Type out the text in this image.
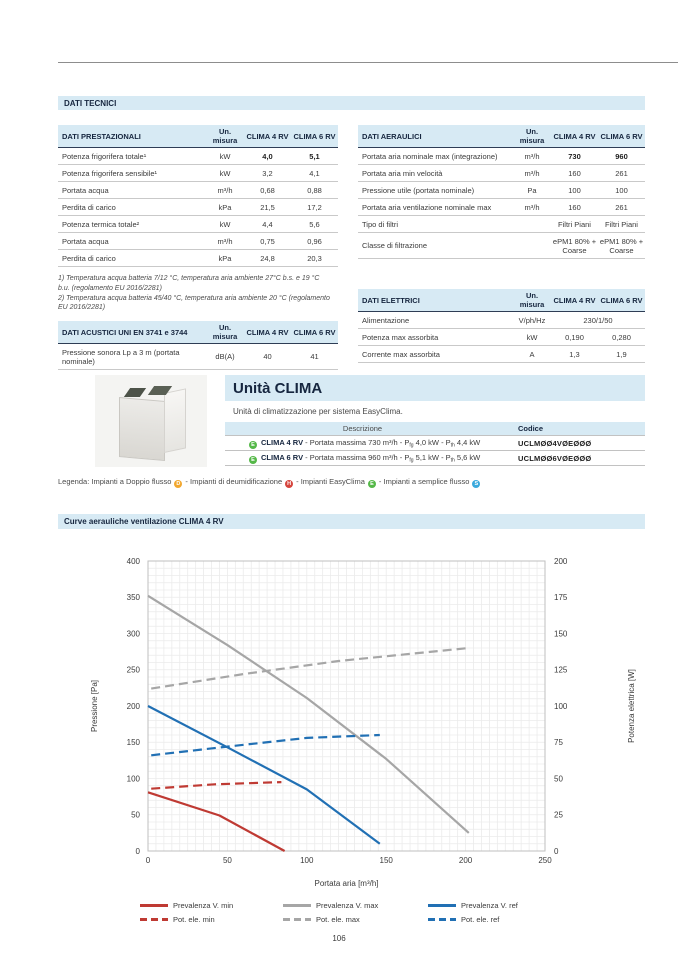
DATI TECNICI
DATI PRESTAZIONALI	Un.
misura	CLIMA 4 RV	CLIMA 6 RV
Potenza frigorifera totale¹	kW	4,0	5,1
Potenza frigorifera sensibile¹	kW	3,2	4,1
Portata acqua	m³/h	0,68	0,88
Perdita di carico	kPa	21,5	17,2
Potenza termica totale²	kW	4,4	5,6
Portata acqua	m³/h	0,75	0,96
Perdita di carico	kPa	24,8	20,3
1) Temperatura acqua batteria 7/12 °C, temperatura aria ambiente 27°C b.s. e 19 °C b.u. (regolamento EU 2016/2281)
2) Temperatura acqua batteria 45/40 °C, temperatura aria ambiente 20 °C (regolamento EU 2016/2281)
DATI ACUSTICI UNI EN 3741 e 3744	Un.
misura	CLIMA 4 RV	CLIMA 6 RV
Pressione sonora Lp a 3 m (portata nominale)	dB(A)	40	41
DATI AERAULICI	Un.
misura	CLIMA 4 RV	CLIMA 6 RV
Portata aria nominale max (integrazione)	m³/h	730	960
Portata aria min velocità	m³/h	160	261
Pressione utile (portata nominale)	Pa	100	100
Portata aria ventilazione nominale max	m³/h	160	261
Tipo di filtri		Filtri Piani	Filtri Piani
Classe di filtrazione		ePM1 80% + Coarse	ePM1 80% + Coarse
DATI ELETTRICI	Un.
misura	CLIMA 4 RV	CLIMA 6 RV
Alimentazione	V/ph/Hz	230/1/50	
Potenza max assorbita	kW	0,190	0,280
Corrente max assorbita	A	1,3	1,9
Unità CLIMA
Unità di climatizzazione per sistema EasyClima.
Descrizione	Codice
E CLIMA 4 RV - Portata massima 730 $m^3/h - P_{fg}$ 4,0 kW - $P_{th}$ 4,4 kW	UCLMØØ4VØEØØØ
E CLIMA 6 RV - Portata massima 960 $m^3/h - P_{fg}$ 5,1 kW - $P_{th}$ 5,6 kW	UCLMØØ6VØEØØØ
Legenda: Impianti a Doppio flusso D - Impianti di deumidificazione H - Impianti EasyClima E - Impianti a semplice flusso S
Curve aerauliche ventilazione CLIMA 4 RV
0
50
100
150
200
250
300
350
400
0
25
50
75
100
125
150
175
200
0	50	100	150	200	250
Pressione [Pa]	Potenza elettrica [W]
Portata aria [m³/h]
Prevalenza V. min	Prevalenza V. max	Prevalenza V. ref
Pot. ele. min	Pot. ele. max	Pot. ele. ref
106
